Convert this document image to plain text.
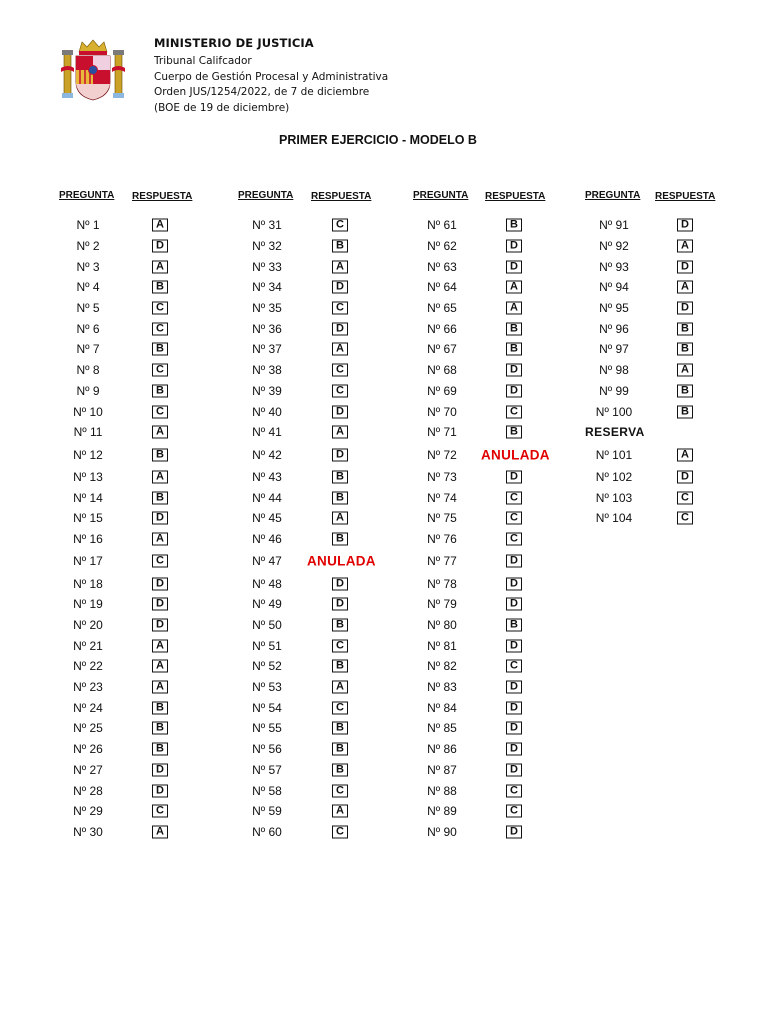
MINISTERIO DE JUSTICIA
Tribunal Califcador
Cuerpo de Gestión Procesal y Administrativa
Orden JUS/1254/2022, de 7 de diciembre
(BOE de 19 de diciembre)
PRIMER EJERCICIO - MODELO B
PREGUNTA RESPUESTA
Nº 1	A
Nº 2	D
Nº 3	A
Nº 4	B
Nº 5	C
Nº 6	C
Nº 7	B
Nº 8	C
Nº 9	B
Nº 10	C
Nº 11	A
Nº 12	B
Nº 13	A
Nº 14	B
Nº 15	D
Nº 16	A
Nº 17	C
Nº 18	D
Nº 19	D
Nº 20	D
Nº 21	A
Nº 22	A
Nº 23	A
Nº 24	B
Nº 25	B
Nº 26	B
Nº 27	D
Nº 28	D
Nº 29	C
Nº 30	A
PREGUNTA RESPUESTA
Nº 31	C
Nº 32	B
Nº 33	A
Nº 34	D
Nº 35	C
Nº 36	D
Nº 37	A
Nº 38	C
Nº 39	C
Nº 40	D
Nº 41	A
Nº 42	D
Nº 43	B
Nº 44	B
Nº 45	A
Nº 46	B
Nº 47	ANULADA
Nº 48	D
Nº 49	D
Nº 50	B
Nº 51	C
Nº 52	B
Nº 53	A
Nº 54	C
Nº 55	B
Nº 56	B
Nº 57	B
Nº 58	C
Nº 59	A
Nº 60	C
PREGUNTA RESPUESTA
Nº 61	B
Nº 62	D
Nº 63	D
Nº 64	A
Nº 65	A
Nº 66	B
Nº 67	B
Nº 68	D
Nº 69	D
Nº 70	C
Nº 71	B
Nº 72	ANULADA
Nº 73	D
Nº 74	C
Nº 75	C
Nº 76	C
Nº 77	D
Nº 78	D
Nº 79	D
Nº 80	B
Nº 81	D
Nº 82	C
Nº 83	D
Nº 84	D
Nº 85	D
Nº 86	D
Nº 87	D
Nº 88	C
Nº 89	C
Nº 90	D
PREGUNTA RESPUESTA
Nº 91	D
Nº 92	A
Nº 93	D
Nº 94	A
Nº 95	D
Nº 96	B
Nº 97	B
Nº 98	A
Nº 99	B
Nº 100	B
RESERVA
Nº 101	A
Nº 102	D
Nº 103	C
Nº 104	C
